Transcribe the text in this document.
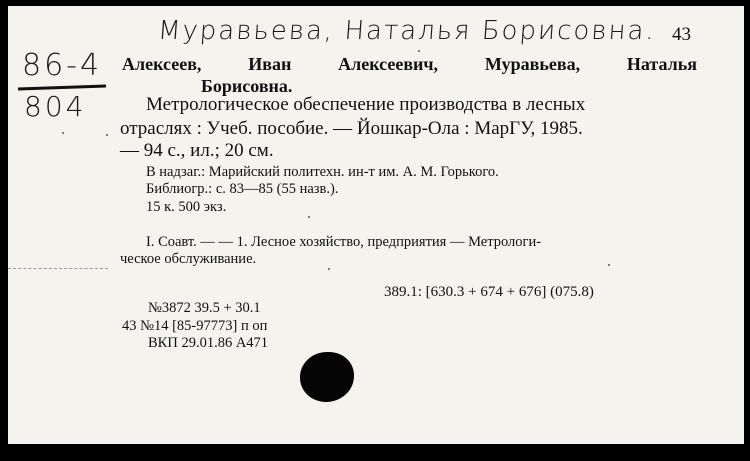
Муравьева, Наталья Борисовна.
86-4
804
43
Алексеев, Иван Алексеевич, Муравьева, Наталья
Борисовна.
Метрологическое обеспечение производства в лесных
отраслях : Учеб. пособие. — Йошкар-Ола : МарГУ, 1985.
— 94 с., ил.; 20 см.
В надзаг.: Марийский политехн. ин-т им. А. М. Горького.
Библиогр.: с. 83—85 (55 назв.).
15 к. 500 экз.
I. Соавт. — — 1. Лесное хозяйство, предприятия — Метрологи-
ческое обслуживание.
389.1: [630.3 + 674 + 676] (075.8)
№3872 39.5 + 30.1
43 №14 [85-97773] п оп
ВКП 29.01.86 А471
